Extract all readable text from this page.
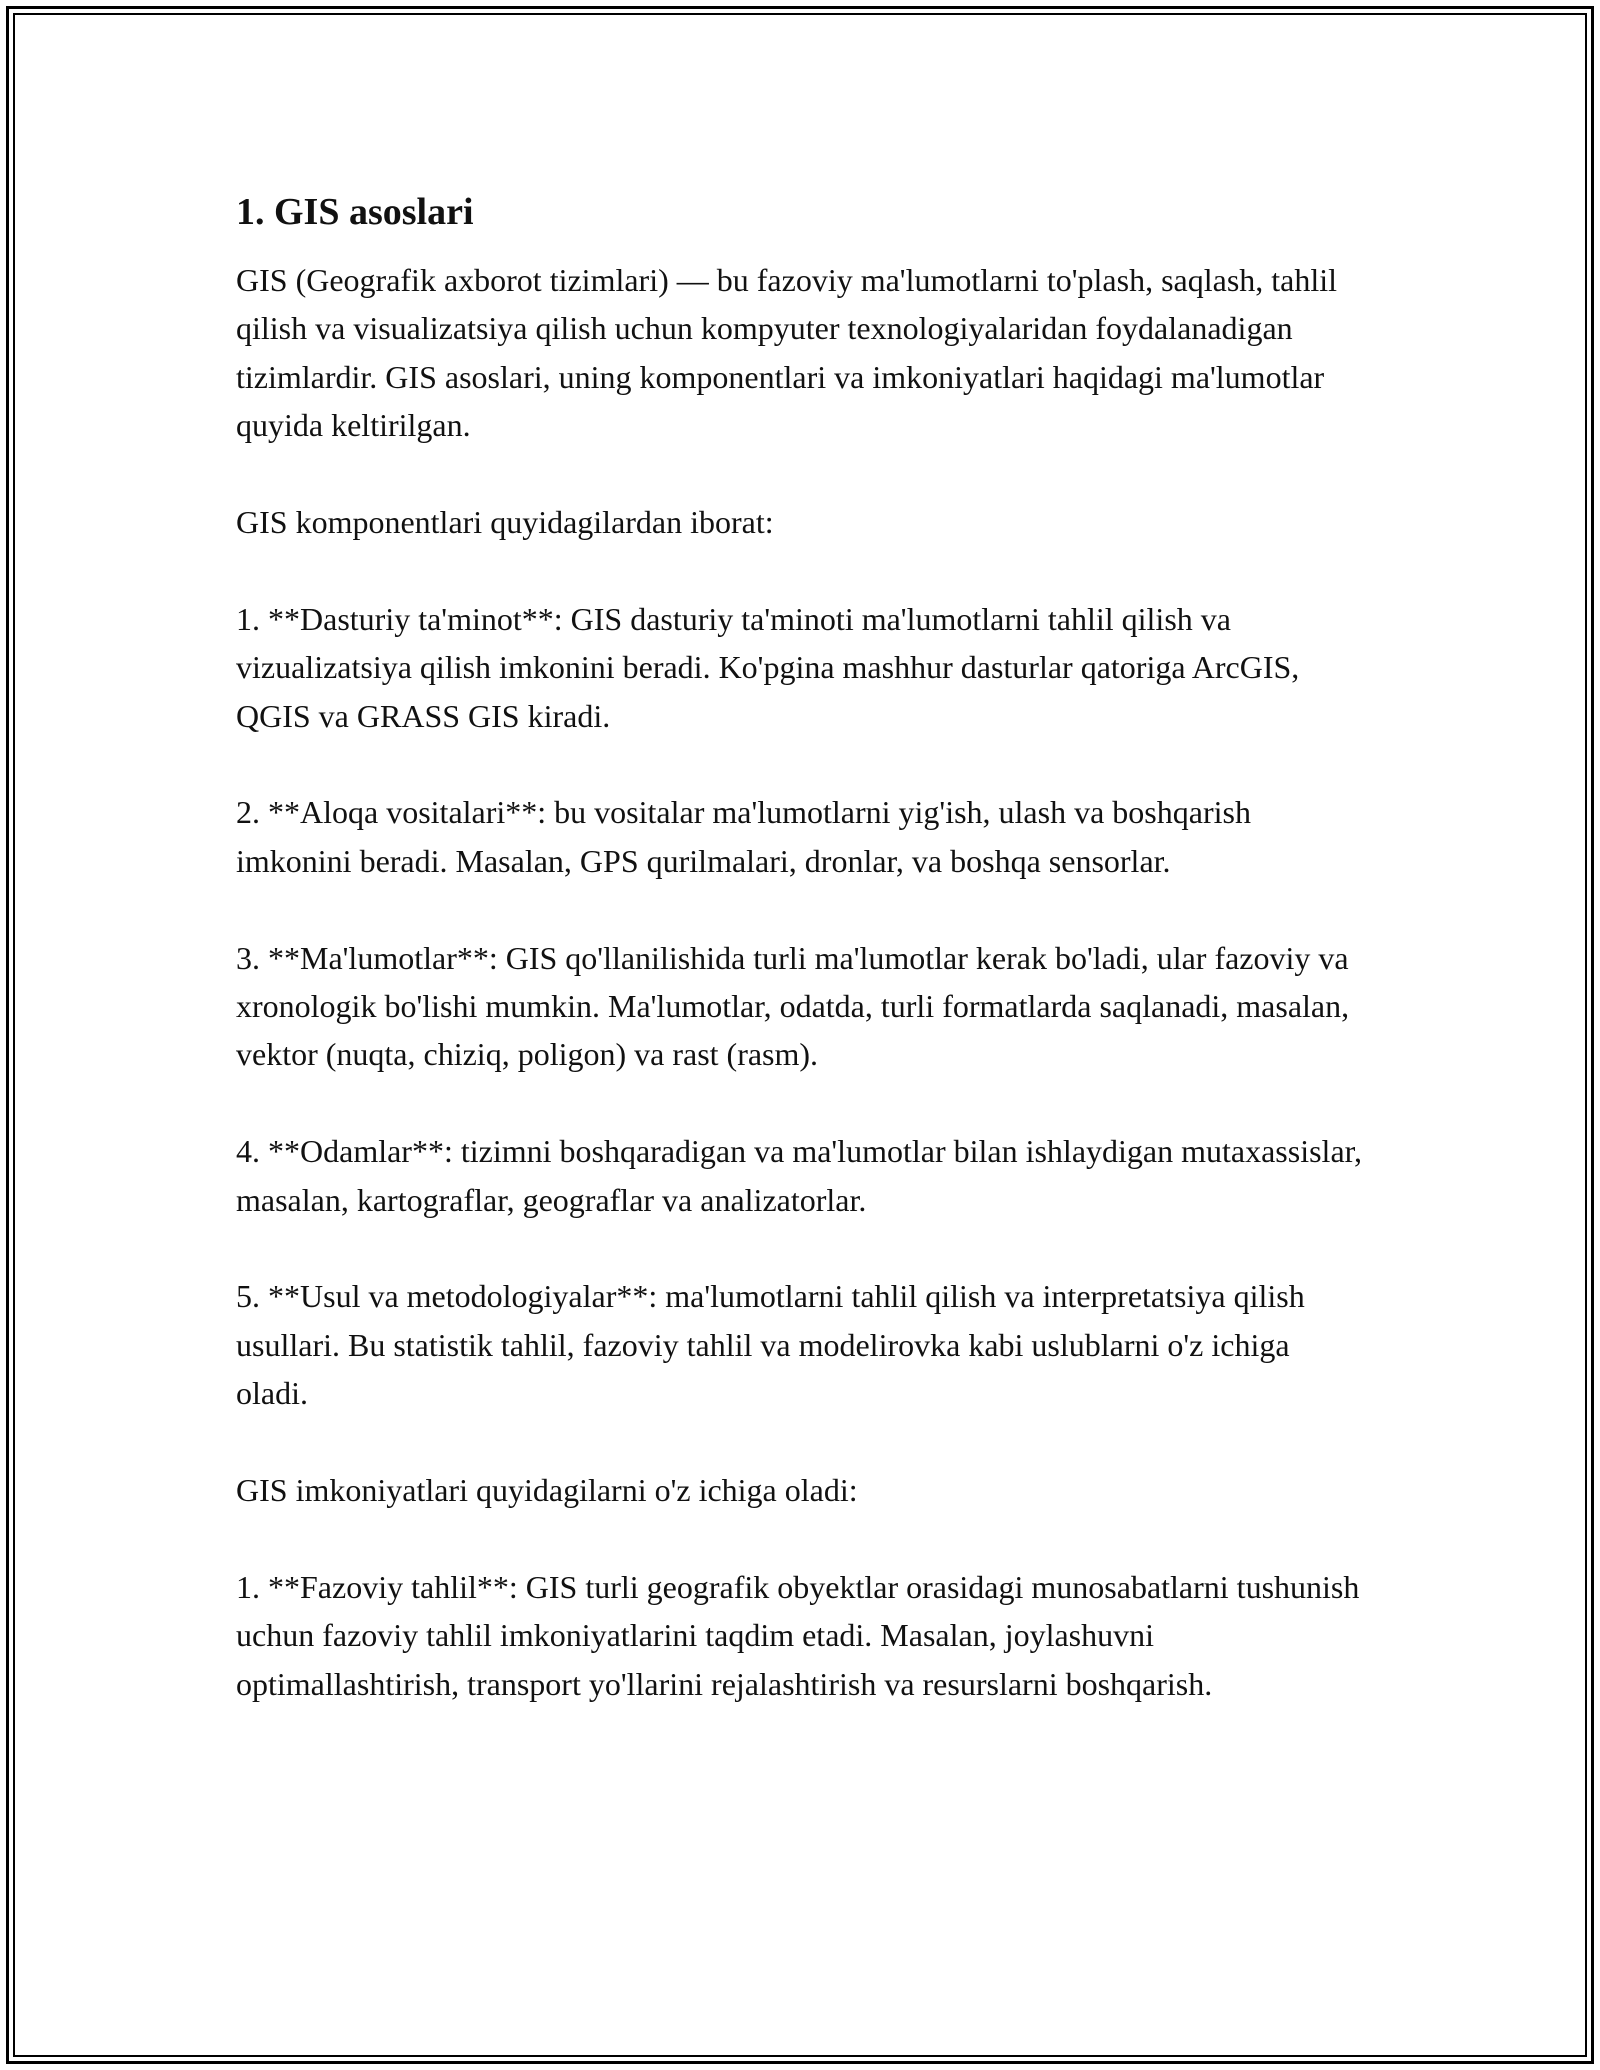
1. GIS asoslari

GIS (Geografik axborot tizimlari) — bu fazoviy ma'lumotlarni to'plash, saqlash, tahlil qilish va visualizatsiya qilish uchun kompyuter texnologiyalaridan foydalanadigan tizimlardir. GIS asoslari, uning komponentlari va imkoniyatlari haqidagi ma'lumotlar quyida keltirilgan.

GIS komponentlari quyidagilardan iborat:

1. **Dasturiy ta'minot**: GIS dasturiy ta'minoti ma'lumotlarni tahlil qilish va vizualizatsiya qilish imkonini beradi. Ko'pgina mashhur dasturlar qatoriga ArcGIS, QGIS va GRASS GIS kiradi.

2. **Aloqa vositalari**: bu vositalar ma'lumotlarni yig'ish, ulash va boshqarish imkonini beradi. Masalan, GPS qurilmalari, dronlar, va boshqa sensorlar.

3. **Ma'lumotlar**: GIS qo'llanilishida turli ma'lumotlar kerak bo'ladi, ular fazoviy va xronologik bo'lishi mumkin. Ma'lumotlar, odatda, turli formatlarda saqlanadi, masalan, vektor (nuqta, chiziq, poligon) va rast (rasm).

4. **Odamlar**: tizimni boshqaradigan va ma'lumotlar bilan ishlaydigan mutaxassislar, masalan, kartograflar, geograflar va analizatorlar.

5. **Usul va metodologiyalar**: ma'lumotlarni tahlil qilish va interpretatsiya qilish usullari. Bu statistik tahlil, fazoviy tahlil va modelirovka kabi uslublarni o'z ichiga oladi.

GIS imkoniyatlari quyidagilarni o'z ichiga oladi:

1. **Fazoviy tahlil**: GIS turli geografik obyektlar orasidagi munosabatlarni tushunish uchun fazoviy tahlil imkoniyatlarini taqdim etadi. Masalan, joylashuvni optimallashtirish, transport yo'llarini rejalashtirish va resurslarni boshqarish.
